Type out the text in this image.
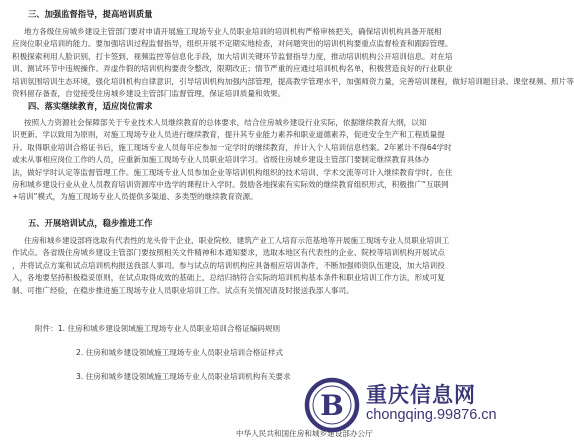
三、加强监督指导，提高培训质量
地方各级住房城乡建设主管部门要对申请开展施工现场专业人员职业培训的培训机构严格审核把关，确保培训机构具备开展相
应岗位职业培训的能力。要加强培训过程监督指导，组织开展不定期实地检查，对问题突出的培训机构要重点监督检查和跟踪管理。
积极探索利用人脸识别、打卡签到、视频监控等信息化手段，加大培训关键环节监督指导力度，推动培训机构公开培训信息。对在培
训、测试环节中违规操作、弄虚作假的培训机构要责令整改，限期改正；情节严重的应通过培训机构名单，积极营造良好的行业职业
培训氛围培训生态环境，强化培训机构自律意识，引导培训机构加强内部管理，提高教学管理水平，加强师资力量，完善培训课程，做好培训题目录、课堂视频、照片等
资料留存备查，自觉接受住房城乡建设主管部门监督管理，保证培训质量和效果。
四、落实继续教育，适应岗位需求
按照人力资源社会保障部关于专业技术人员继续教育的总体要求，结合住房城乡建设行业实际，依据继续教育大纲，以知
识更新、学以致用为原则，对施工现场专业人员进行继续教育，提升其专业能力素养和职业道德素养，促进安全生产和工程质量提
升。取得职业培训合格证书后，施工现场专业人员每年应参加一定学时的继续教育，并计入个人培训信息档案。2年累计不得64学时
或未从事相应岗位工作的人员，应重新加施工现场专业人员职业培训学习。省级住房城乡建设主管部门要制定继续教育具体办
法，做好学时认定等监督管理工作。施工现场专业人员参加企业等培训机构组织的技术培训、学术交流等可计入继续教育学时。在住
房和城乡建设行业从业人员教育培训资源库中选学的课程计入学时。鼓励各地探索有实际效的继续教育组织形式，积极推广“互联网
+培训”模式，为施工现场专业人员提供多渠道、多类型的继续教育资源。
五、开展培训试点，稳步推进工作
住房和城乡建设部将选取有代表性的龙头骨干企业、职业院校、建筑产业工人培育示范基地等开展施工现场专业人员职业培训工
作试点。各省级住房城乡建设主管部门要按照相关文件精神和本通知要求，选取本地区有代表性的企业、院校等培训机构开展试点
，并将试点方案和试点培训机构报送我部人事司。参与试点的培训机构应具备相应培训条件，不断加强师资队伍建设，加大培训投
入，各地要坚持积极稳妥原则，在试点取得成效的基础上，总结归纳符合实际的培训机构基本条件和职业培训工作方法，形成可复
制、可推广经验，在稳步推进施工现场专业人员职业培训工作。试点有关情况请及时报送我部人事司。
附件：1. 住房和城乡建设领域施工现场专业人员职业培训合格证编码规则
2. 住房和城乡建设领域施工现场专业人员职业培训合格证样式
3. 住房和城乡建设领域施工现场专业人员职业培训机构有关要求
中华人民共和国住房和城乡建设部办公厅
B 重庆信息网
chongqing.99876.cn
